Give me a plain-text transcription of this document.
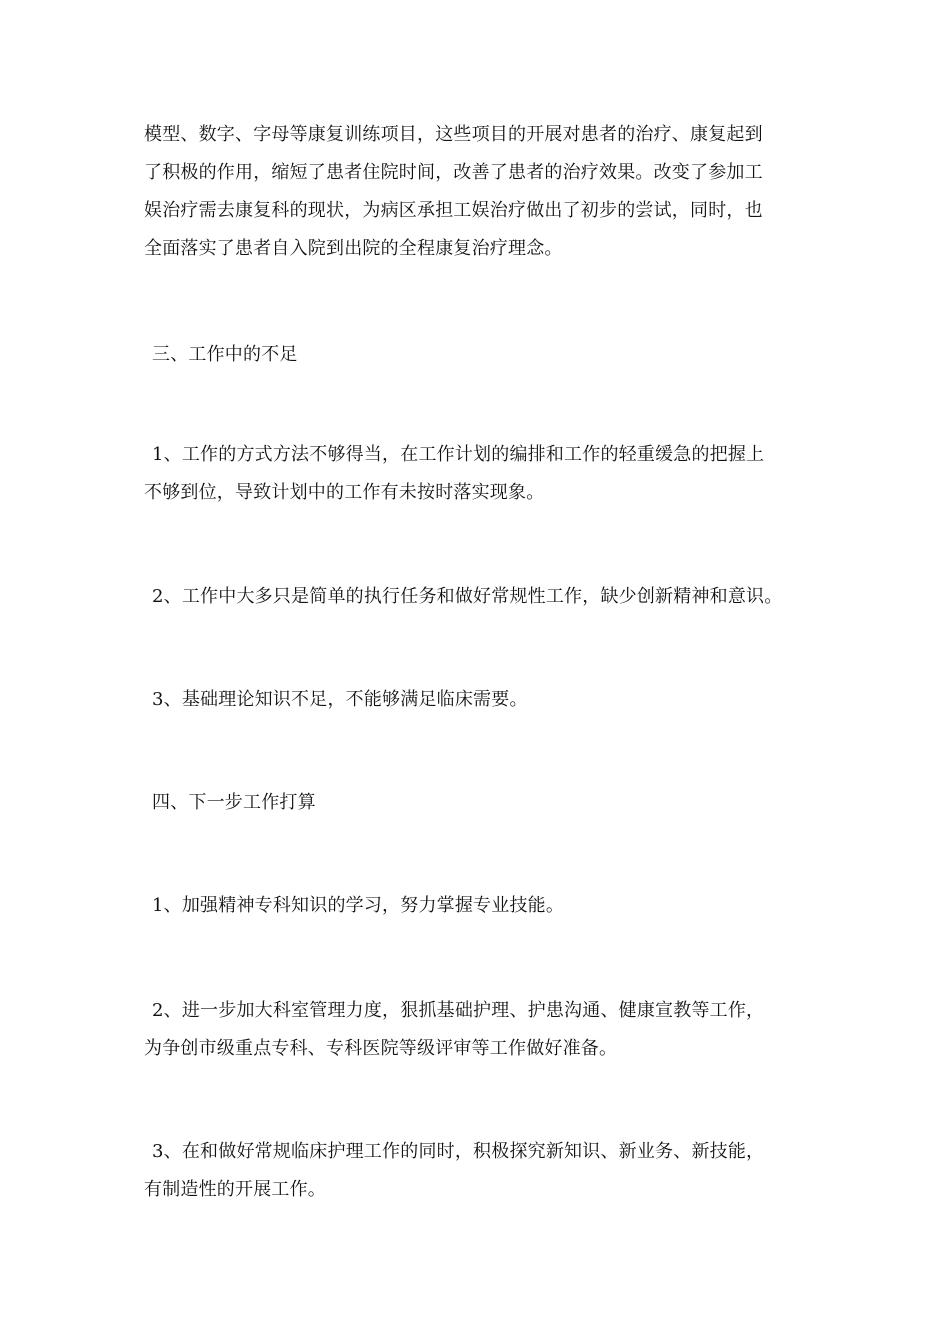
模型、数字、字母等康复训练项目，这些项目的开展对患者的治疗、康复起到
了积极的作用，缩短了患者住院时间，改善了患者的治疗效果。改变了参加工
娱治疗需去康复科的现状，为病区承担工娱治疗做出了初步的尝试，同时，也
全面落实了患者自入院到出院的全程康复治疗理念。
三、工作中的不足
1、工作的方式方法不够得当，在工作计划的编排和工作的轻重缓急的把握上
不够到位，导致计划中的工作有未按时落实现象。
2、工作中大多只是简单的执行任务和做好常规性工作，缺少创新精神和意识。
3、基础理论知识不足，不能够满足临床需要。
四、下一步工作打算
1、加强精神专科知识的学习，努力掌握专业技能。
2、进一步加大科室管理力度，狠抓基础护理、护患沟通、健康宣教等工作，
为争创市级重点专科、专科医院等级评审等工作做好准备。
3、在和做好常规临床护理工作的同时，积极探究新知识、新业务、新技能，
有制造性的开展工作。
